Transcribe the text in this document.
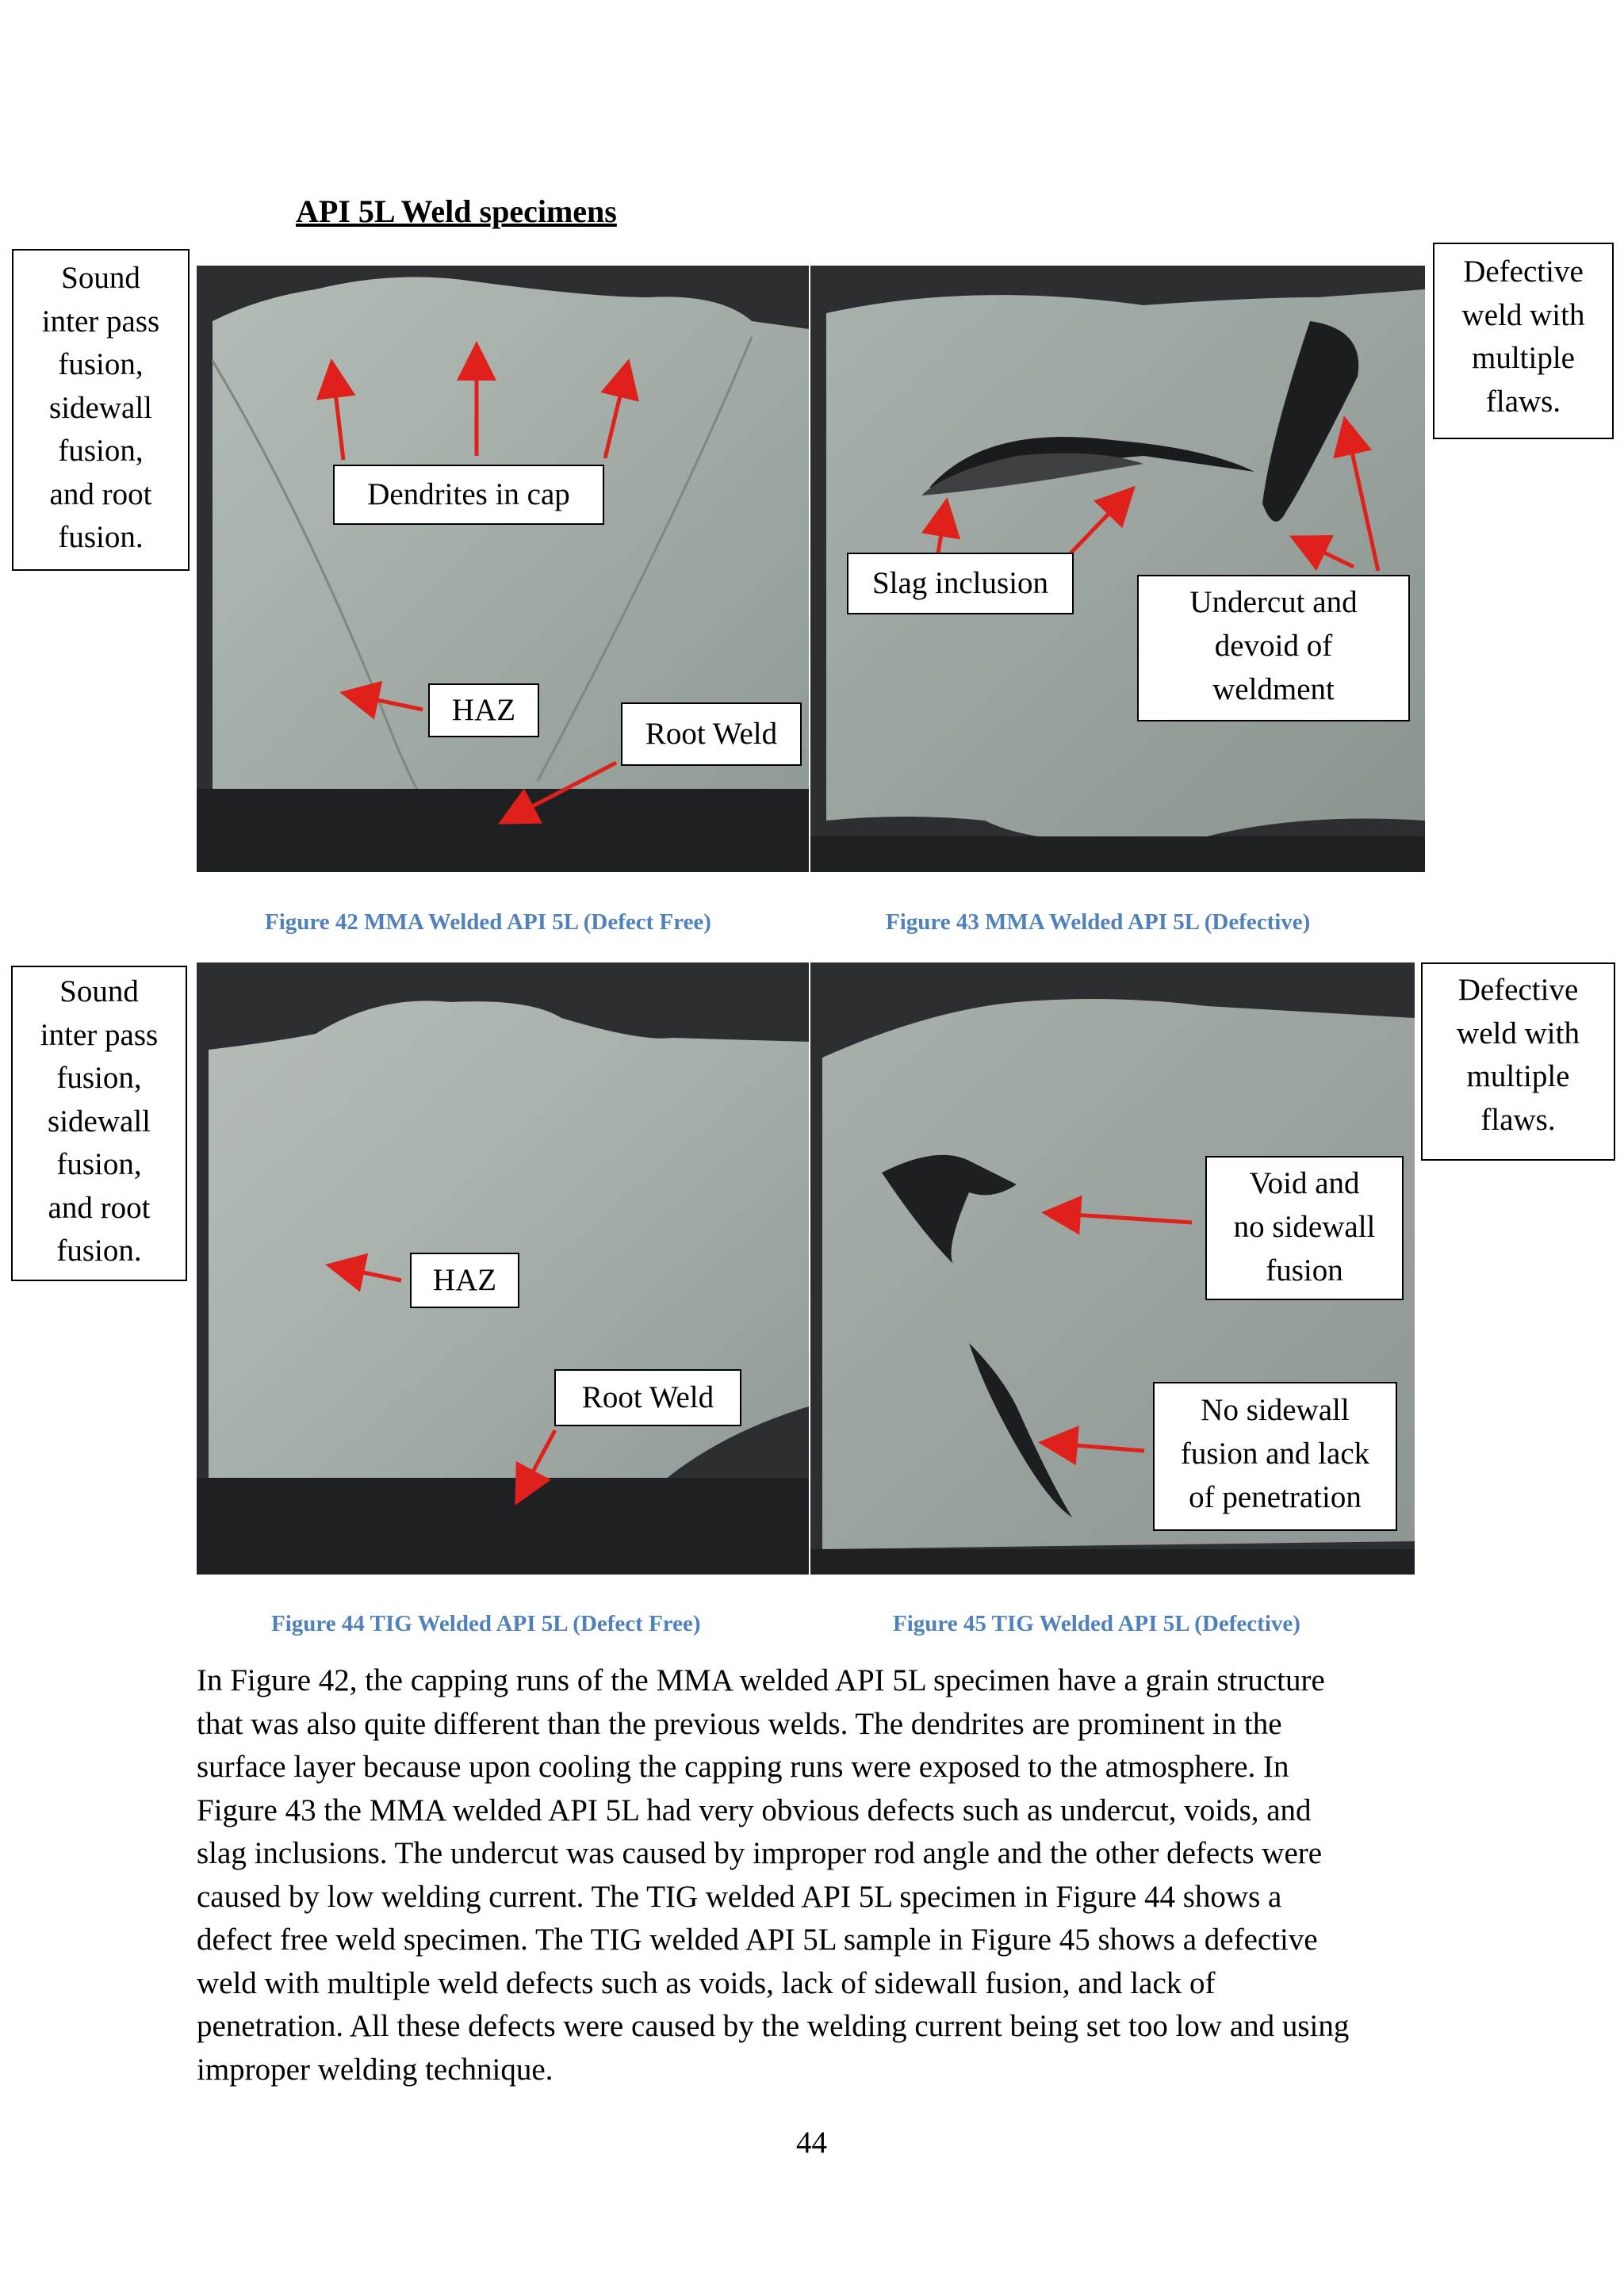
API 5L Weld specimens
Sound
inter pass
fusion,
sidewall
fusion,
and root
fusion.
Defective
weld with
multiple
flaws.
Sound
inter pass
fusion,
sidewall
fusion,
and root
fusion.
Defective
weld with
multiple
flaws.
Dendrites in cap
HAZ
Root Weld
Slag inclusion
Undercut and
devoid of
weldment
HAZ
Root Weld
Void and
no sidewall
fusion
No sidewall
fusion and lack
of penetration
Figure 42 MMA Welded API 5L (Defect Free)	Figure 43 MMA Welded API 5L (Defective)
Figure 44 TIG Welded API 5L (Defect Free)	Figure 45 TIG Welded API 5L (Defective)
In Figure 42, the capping runs of the MMA welded API 5L specimen have a grain structure
that was also quite different than the previous welds. The dendrites are prominent in the
surface layer because upon cooling the capping runs were exposed to the atmosphere. In
Figure 43 the MMA welded API 5L had very obvious defects such as undercut, voids, and
slag inclusions. The undercut was caused by improper rod angle and the other defects were
caused by low welding current. The TIG welded API 5L specimen in Figure 44 shows a
defect free weld specimen. The TIG welded API 5L sample in Figure 45 shows a defective
weld with multiple weld defects such as voids, lack of sidewall fusion, and lack of
penetration. All these defects were caused by the welding current being set too low and using
improper welding technique.
44
